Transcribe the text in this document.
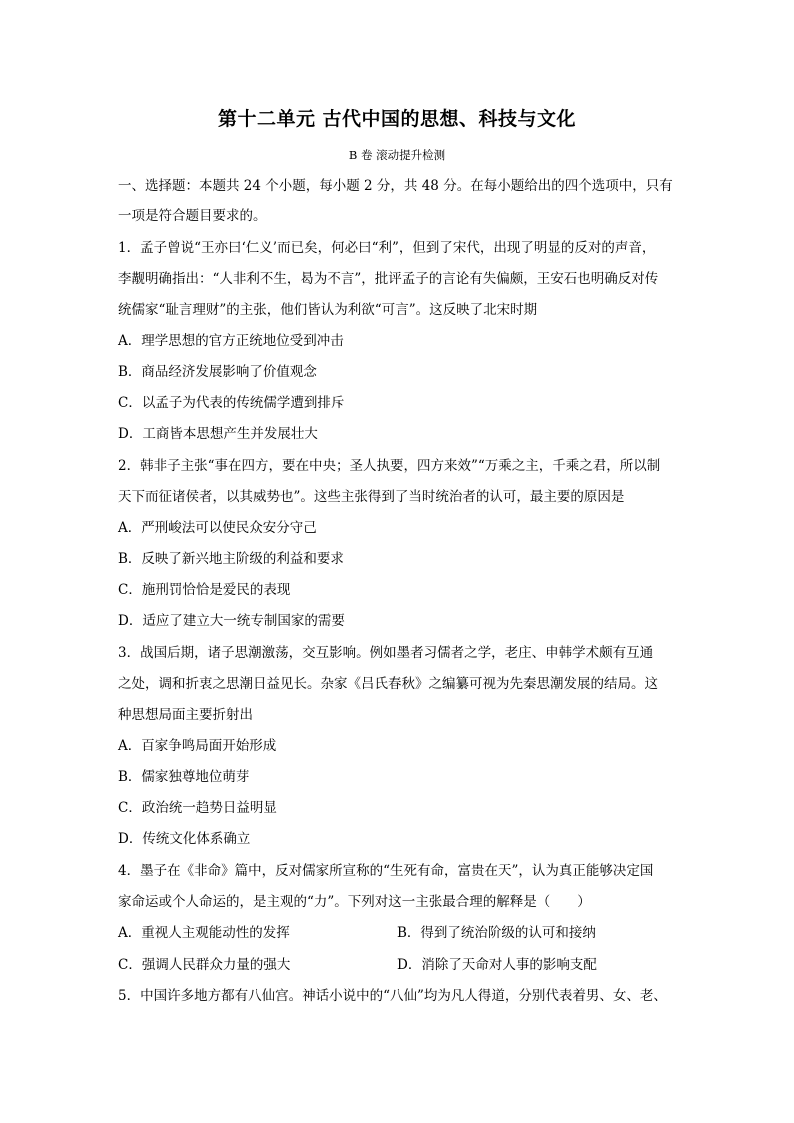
第十二单元 古代中国的思想、科技与文化
B 卷 滚动提升检测
一、选择题：本题共 24 个小题，每小题 2 分，共 48 分。在每小题给出的四个选项中，只有
一项是符合题目要求的。
1．孟子曾说“王亦曰‘仁义’而已矣，何必曰“利”，但到了宋代，出现了明显的反对的声音，
李觏明确指出：“人非利不生，曷为不言”，批评孟子的言论有失偏颇，王安石也明确反对传
统儒家“耻言理财”的主张，他们皆认为利欲“可言”。这反映了北宋时期
A．理学思想的官方正统地位受到冲击
B．商品经济发展影响了价值观念
C．以孟子为代表的传统儒学遭到排斥
D．工商皆本思想产生并发展壮大
2．韩非子主张“事在四方，要在中央；圣人执要，四方来效”“万乘之主，千乘之君，所以制
天下而征诸侯者，以其威势也”。这些主张得到了当时统治者的认可，最主要的原因是
A．严刑峻法可以使民众安分守己
B．反映了新兴地主阶级的利益和要求
C．施刑罚恰恰是爱民的表现
D．适应了建立大一统专制国家的需要
3．战国后期，诸子思潮激荡，交互影响。例如墨者习儒者之学，老庄、申韩学术颇有互通
之处，调和折衷之思潮日益见长。杂家《吕氏春秋》之编纂可视为先秦思潮发展的结局。这
种思想局面主要折射出
A．百家争鸣局面开始形成
B．儒家独尊地位萌芽
C．政治统一趋势日益明显
D．传统文化体系确立
4．墨子在《非命》篇中，反对儒家所宣称的“生死有命，富贵在天”，认为真正能够决定国
家命运或个人命运的，是主观的“力”。下列对这一主张最合理的解释是（　　）
A．重视人主观能动性的发挥	B．得到了统治阶级的认可和接纳
C．强调人民群众力量的强大	D．消除了天命对人事的影响支配
5．中国许多地方都有八仙宫。神话小说中的“八仙”均为凡人得道，分别代表着男、女、老、
